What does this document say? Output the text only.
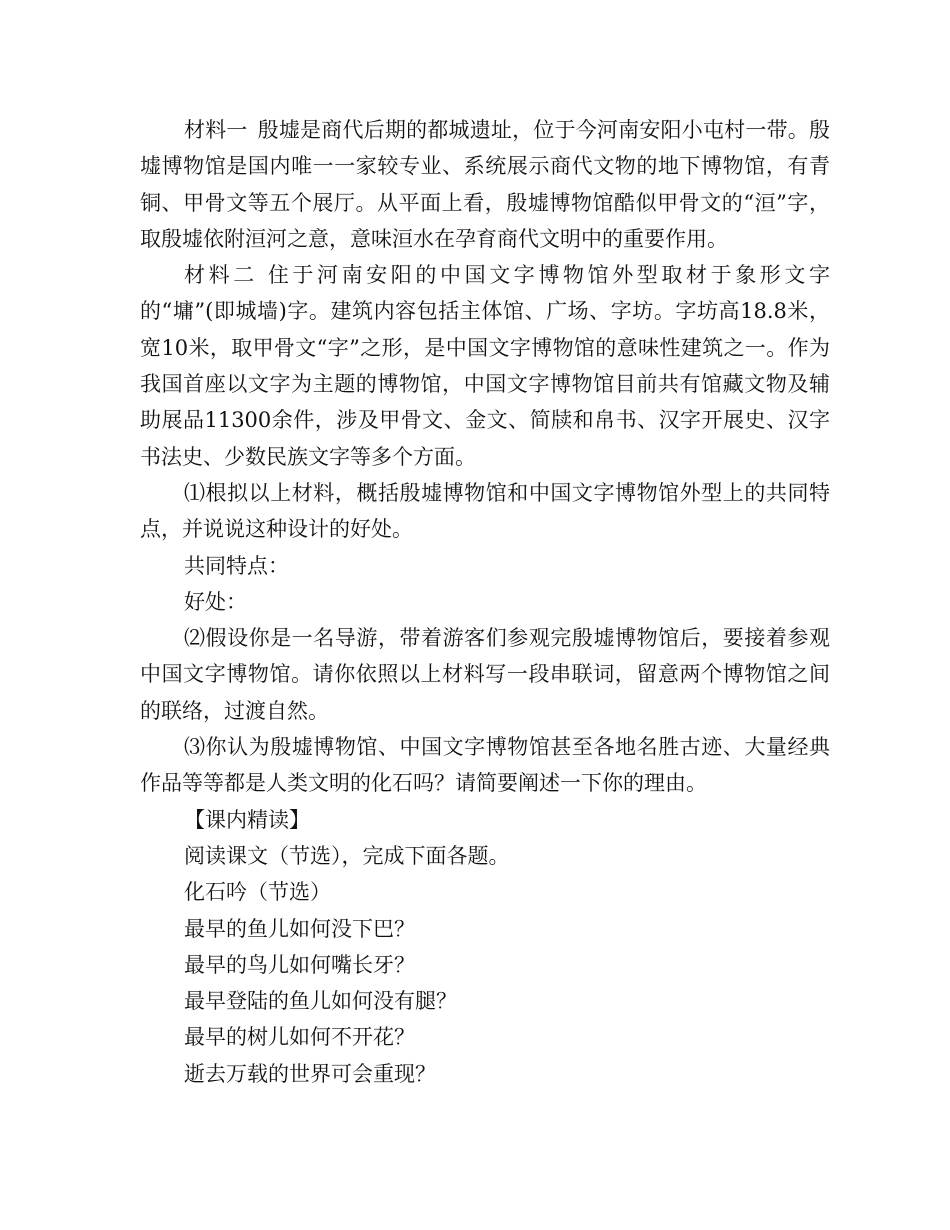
材料一 殷墟是商代后期的都城遗址，位于今河南安阳小屯村一带。殷墟博物馆是国内唯一一家较专业、系统展示商代文物的地下博物馆，有青铜、甲骨文等五个展厅。从平面上看，殷墟博物馆酷似甲骨文的“洹”字，取殷墟依附洹河之意，意味洹水在孕育商代文明中的重要作用。

材料二 住于河南安阳的中国文字博物馆外型取材于象形文字的“墉”(即城墙)字。建筑内容包括主体馆、广场、字坊。字坊高18.8米，宽10米，取甲骨文“字”之形，是中国文字博物馆的意味性建筑之一。作为我国首座以文字为主题的博物馆，中国文字博物馆目前共有馆藏文物及辅助展品11300余件，涉及甲骨文、金文、简牍和帛书、汉字开展史、汉字书法史、少数民族文字等多个方面。

⑴根拟以上材料，概括殷墟博物馆和中国文字博物馆外型上的共同特点，并说说这种设计的好处。

共同特点：

好处：

⑵假设你是一名导游，带着游客们参观完殷墟博物馆后，要接着参观中国文字博物馆。请你依照以上材料写一段串联词，留意两个博物馆之间的联络，过渡自然。

⑶你认为殷墟博物馆、中国文字博物馆甚至各地名胜古迹、大量经典作品等等都是人类文明的化石吗？请简要阐述一下你的理由。

【课内精读】

阅读课文（节选），完成下面各题。

化石吟（节选）

最早的鱼儿如何没下巴？

最早的鸟儿如何嘴长牙？

最早登陆的鱼儿如何没有腿？

最早的树儿如何不开花？

逝去万载的世界可会重现？
